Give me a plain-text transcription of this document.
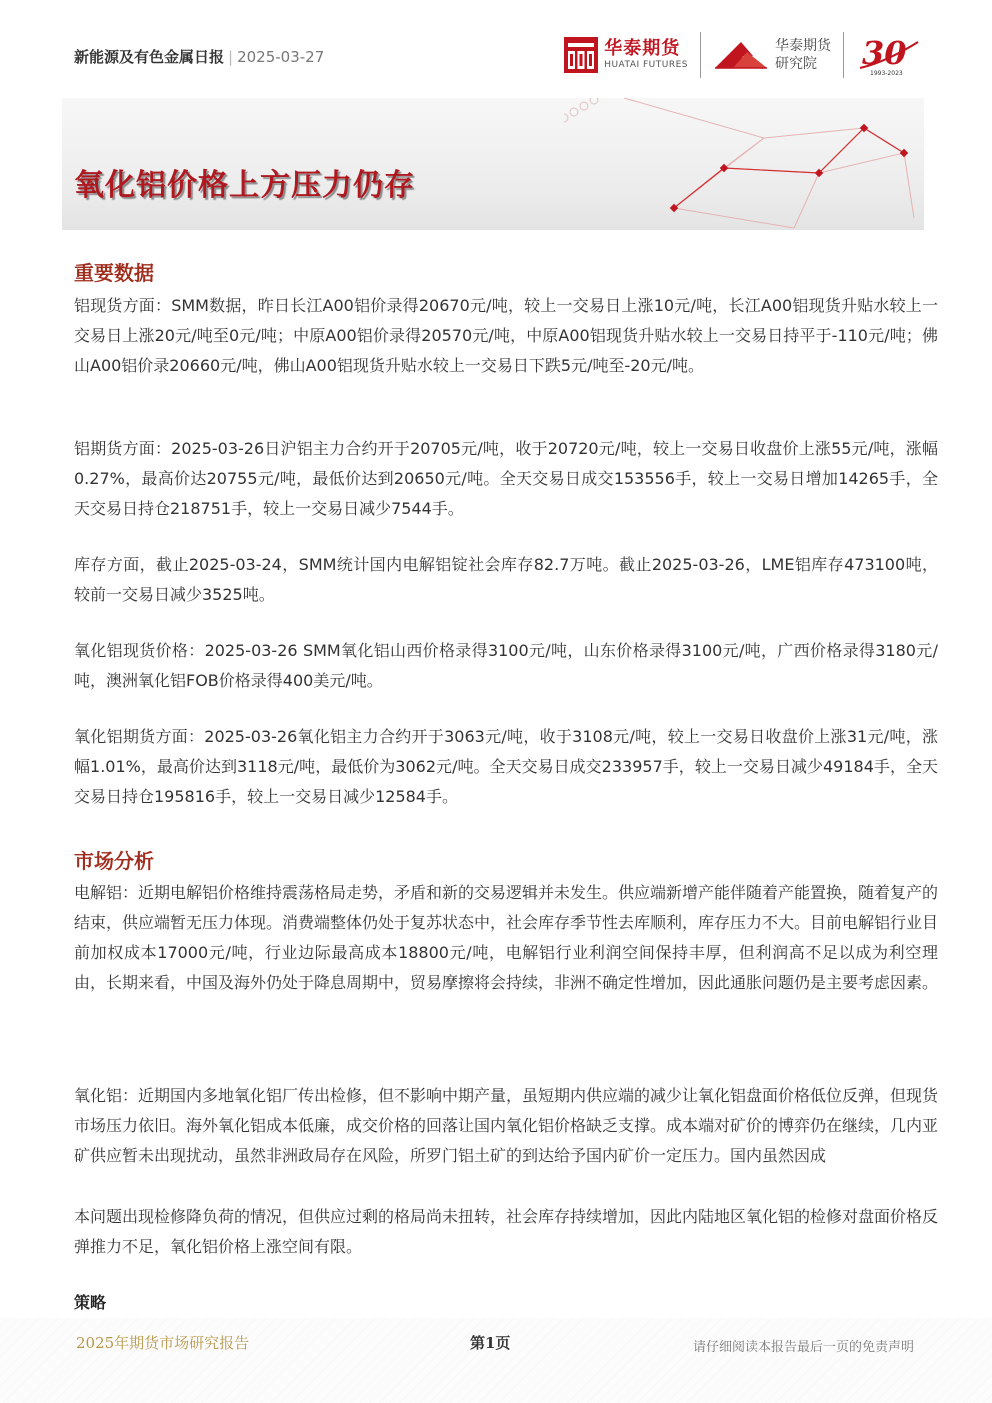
新能源及有色金属日报 | 2025-03-27	华泰期货
HUATAI FUTURES
华泰期货
研究院	30
1993-2023
氧化铝价格上方压力仍存
重要数据

铝现货方面：SMM数据，昨日长江A00铝价录得20670元/吨，较上一交易日上涨10元/吨，长江A00铝现货升贴水较上一交易日上涨20元/吨至0元/吨；中原A00铝价录得20570元/吨，中原A00铝现货升贴水较上一交易日持平于-110元/吨；佛山A00铝价录20660元/吨，佛山A00铝现货升贴水较上一交易日下跌5元/吨至-20元/吨。

铝期货方面：2025-03-26日沪铝主力合约开于20705元/吨，收于20720元/吨，较上一交易日收盘价上涨55元/吨，涨幅0.27%，最高价达20755元/吨，最低价达到20650元/吨。全天交易日成交153556手，较上一交易日增加14265手，全天交易日持仓218751手，较上一交易日减少7544手。

库存方面，截止2025-03-24，SMM统计国内电解铝锭社会库存82.7万吨。截止2025-03-26，LME铝库存473100吨，较前一交易日减少3525吨。

氧化铝现货价格：2025-03-26 SMM氧化铝山西价格录得3100元/吨，山东价格录得3100元/吨，广西价格录得3180元/吨，澳洲氧化铝FOB价格录得400美元/吨。

氧化铝期货方面：2025-03-26氧化铝主力合约开于3063元/吨，收于3108元/吨，较上一交易日收盘价上涨31元/吨，涨幅1.01%，最高价达到3118元/吨，最低价为3062元/吨。全天交易日成交233957手，较上一交易日减少49184手，全天交易日持仓195816手，较上一交易日减少12584手。

市场分析

电解铝：近期电解铝价格维持震荡格局走势，矛盾和新的交易逻辑并未发生。供应端新增产能伴随着产能置换，随着复产的结束，供应端暂无压力体现。消费端整体仍处于复苏状态中，社会库存季节性去库顺利，库存压力不大。目前电解铝行业目前加权成本17000元/吨，行业边际最高成本18800元/吨，电解铝行业利润空间保持丰厚，但利润高不足以成为利空理由，长期来看，中国及海外仍处于降息周期中，贸易摩擦将会持续，非洲不确定性增加，因此通胀问题仍是主要考虑因素。

氧化铝：近期国内多地氧化铝厂传出检修，但不影响中期产量，虽短期内供应端的减少让氧化铝盘面价格低位反弹，但现货市场压力依旧。海外氧化铝成本低廉，成交价格的回落让国内氧化铝价格缺乏支撑。成本端对矿价的博弈仍在继续，几内亚矿供应暂未出现扰动，虽然非洲政局存在风险，所罗门铝土矿的到达给予国内矿价一定压力。国内虽然因成

本问题出现检修降负荷的情况，但供应过剩的格局尚未扭转，社会库存持续增加，因此内陆地区氧化铝的检修对盘面价格反弹推力不足，氧化铝价格上涨空间有限。

策略
2025年期货市场研究报告	第1页	请仔细阅读本报告最后一页的免责声明
